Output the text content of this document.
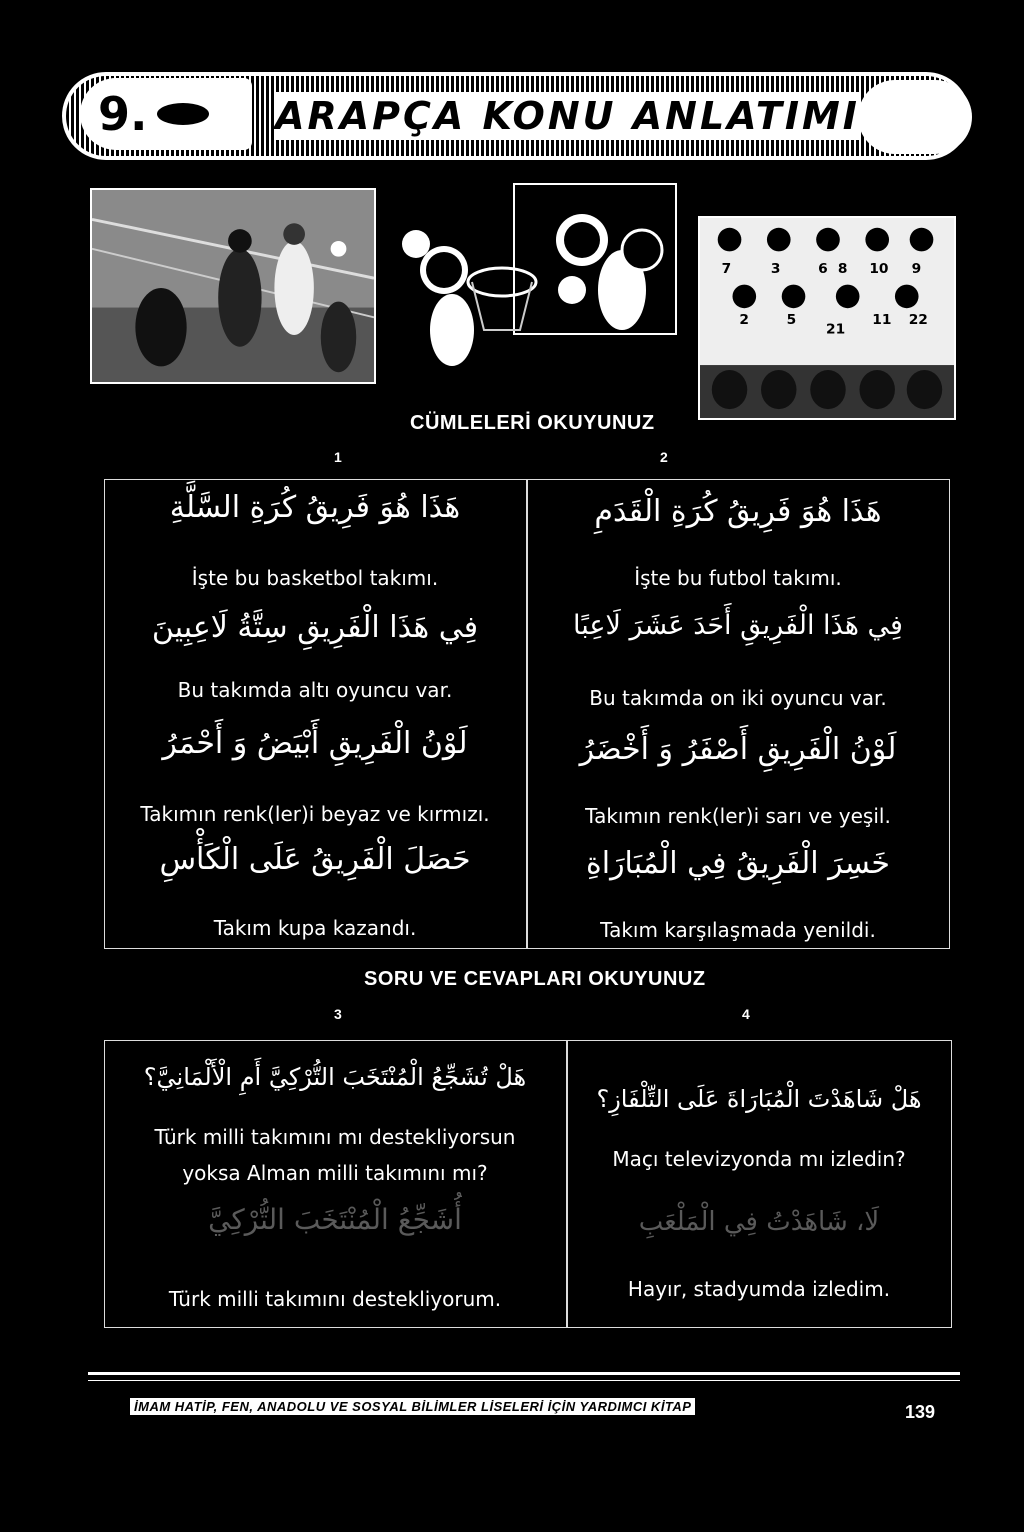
9.	ARAPÇA KONU ANLATIMI
7	3	6 8 10 9
2	5
21
11 22
CÜMLELERİ OKUYUNUZ
1	2
هَذَا هُوَ فَرِيقُ كُرَةِ السَّلَّةِ
İşte bu basketbol takımı.
فِي هَذَا الْفَرِيقِ سِتَّةُ لَاعِبِينَ
Bu takımda altı oyuncu var.
لَوْنُ الْفَرِيقِ أَبْيَضُ وَ أَحْمَرُ
Takımın renk(ler)i beyaz ve kırmızı.
حَصَلَ الْفَرِيقُ عَلَى الْكَأْسِ
Takım kupa kazandı.
هَذَا هُوَ فَرِيقُ كُرَةِ الْقَدَمِ
İşte bu futbol takımı.
فِي هَذَا الْفَرِيقِ أَحَدَ عَشَرَ لَاعِبًا
Bu takımda on iki oyuncu var.
لَوْنُ الْفَرِيقِ أَصْفَرُ وَ أَخْضَرُ
Takımın renk(ler)i sarı ve yeşil.
خَسِرَ الْفَرِيقُ فِي الْمُبَارَاةِ
Takım karşılaşmada yenildi.
SORU VE CEVAPLARI OKUYUNUZ
3	4
هَلْ تُشَجِّعُ الْمُنْتَخَبَ التُّرْكِيَّ أَمِ الْأَلْمَانِيَّ؟
Türk milli takımını mı destekliyorsun
yoksa Alman milli takımını mı?
أُشَجِّعُ الْمُنْتَخَبَ التُّرْكِيَّ
Türk milli takımını destekliyorum.
هَلْ شَاهَدْتَ الْمُبَارَاةَ عَلَى التِّلْفَازِ؟
Maçı televizyonda mı izledin?
لَا، شَاهَدْتُ فِي الْمَلْعَبِ
Hayır, stadyumda izledim.
İMAM HATİP, FEN, ANADOLU VE SOSYAL BİLİMLER LİSELERİ İÇİN YARDIMCI KİTAP	139
